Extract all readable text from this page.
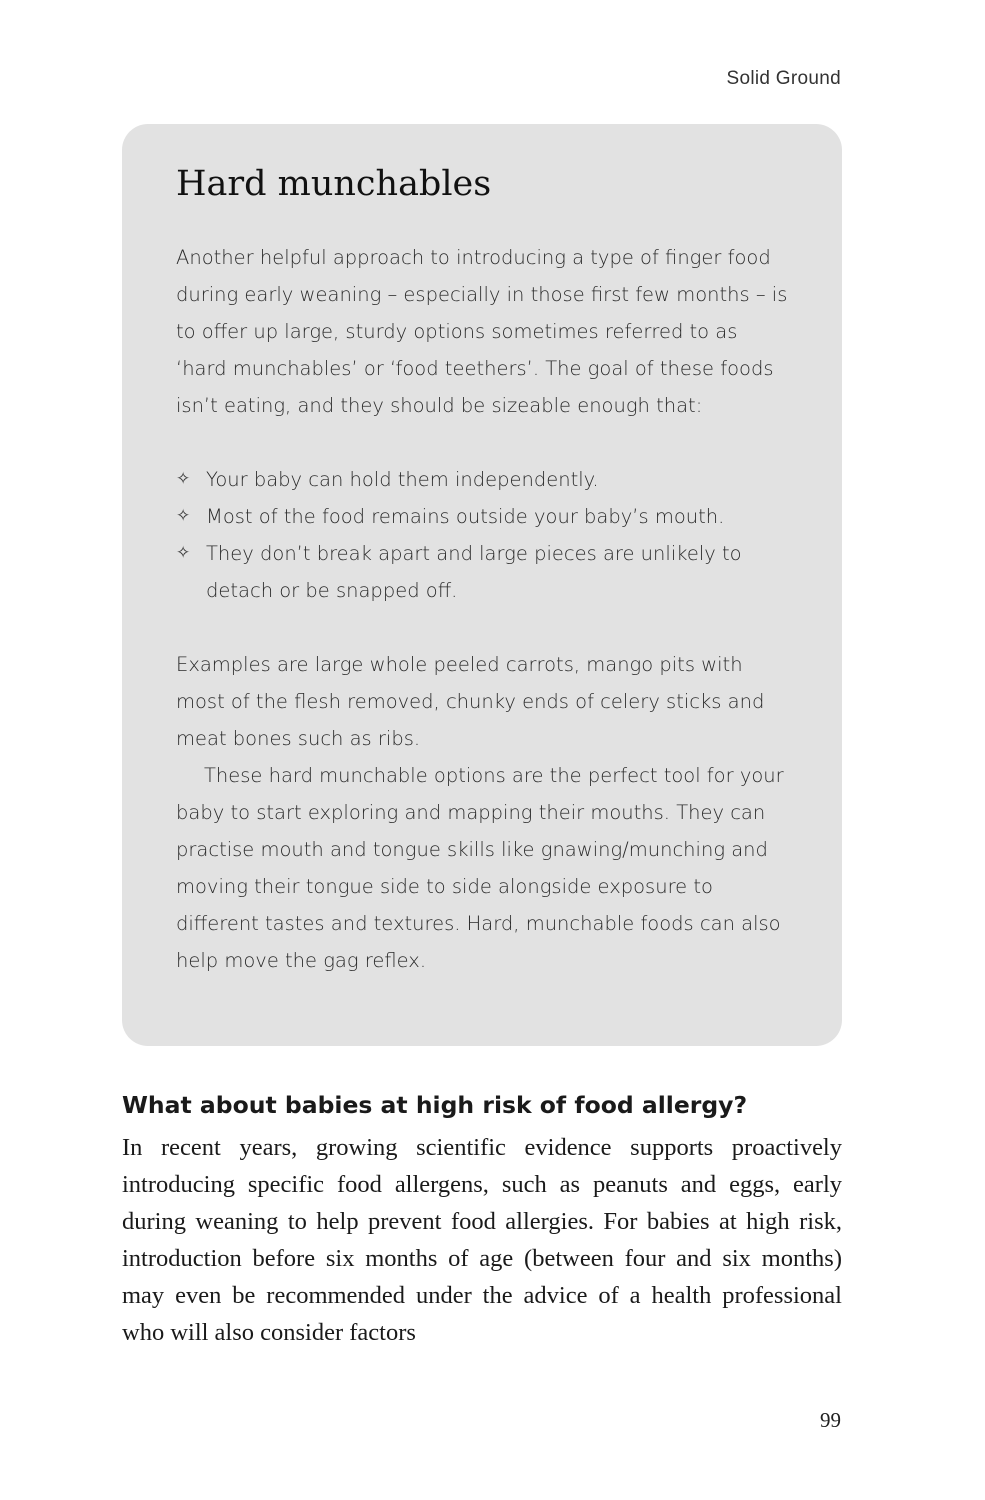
Solid Ground
Hard munchables

Another helpful approach to introducing a type of finger food during early weaning – especially in those first few months – is to offer up large, sturdy options sometimes referred to as ‘hard munchables’ or ‘food teethers’. The goal of these foods isn’t eating, and they should be sizeable enough that:

✧ Your baby can hold them independently.
✧ Most of the food remains outside your baby’s mouth.
✧ They don’t break apart and large pieces are unlikely to detach or be snapped off.

Examples are large whole peeled carrots, mango pits with most of the flesh removed, chunky ends of celery sticks and meat bones such as ribs.

These hard munchable options are the perfect tool for your baby to start exploring and mapping their mouths. They can practise mouth and tongue skills like gnawing/munching and moving their tongue side to side alongside exposure to different tastes and textures. Hard, munchable foods can also help move the gag reflex.

What about babies at high risk of food allergy?

In recent years, growing scientific evidence supports proactively introducing specific food allergens, such as peanuts and eggs, early during weaning to help prevent food allergies. For babies at high risk, introduction before six months of age (between four and six months) may even be recommended under the advice of a health professional who will also consider factors

99
